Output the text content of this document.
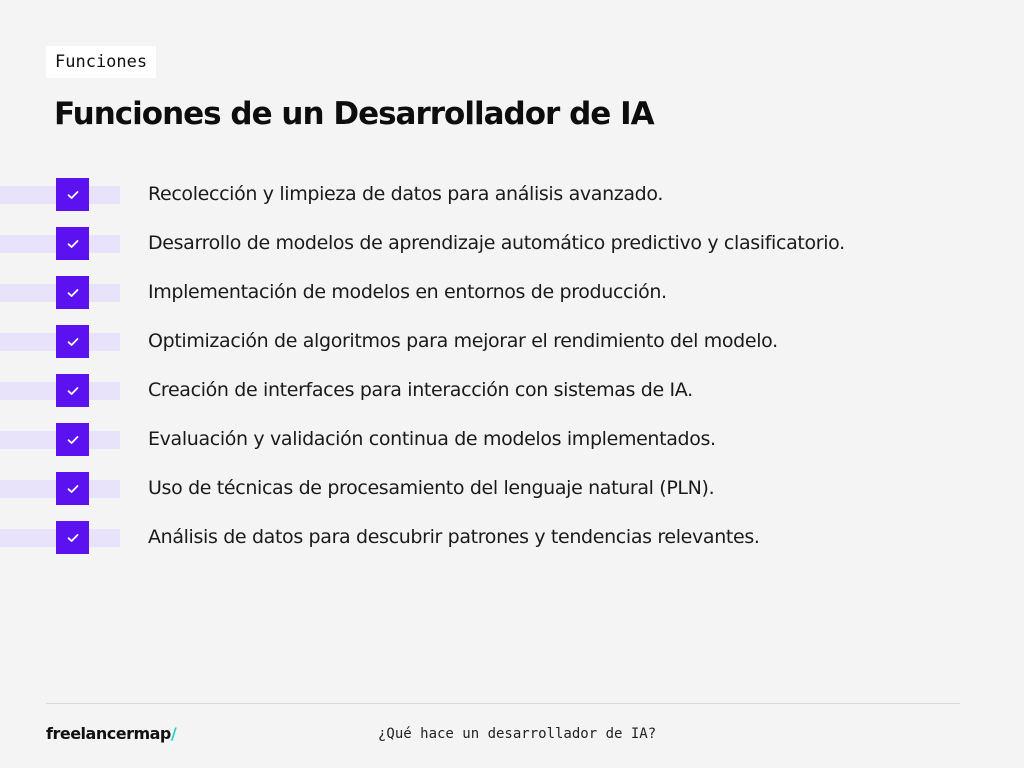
Funciones
Funciones de un Desarrollador de IA
Recolección y limpieza de datos para análisis avanzado.
Desarrollo de modelos de aprendizaje automático predictivo y clasificatorio.
Implementación de modelos en entornos de producción.
Optimización de algoritmos para mejorar el rendimiento del modelo.
Creación de interfaces para interacción con sistemas de IA.
Evaluación y validación continua de modelos implementados.
Uso de técnicas de procesamiento del lenguaje natural (PLN).
Análisis de datos para descubrir patrones y tendencias relevantes.
freelancermap/	¿Qué hace un desarrollador de IA?
